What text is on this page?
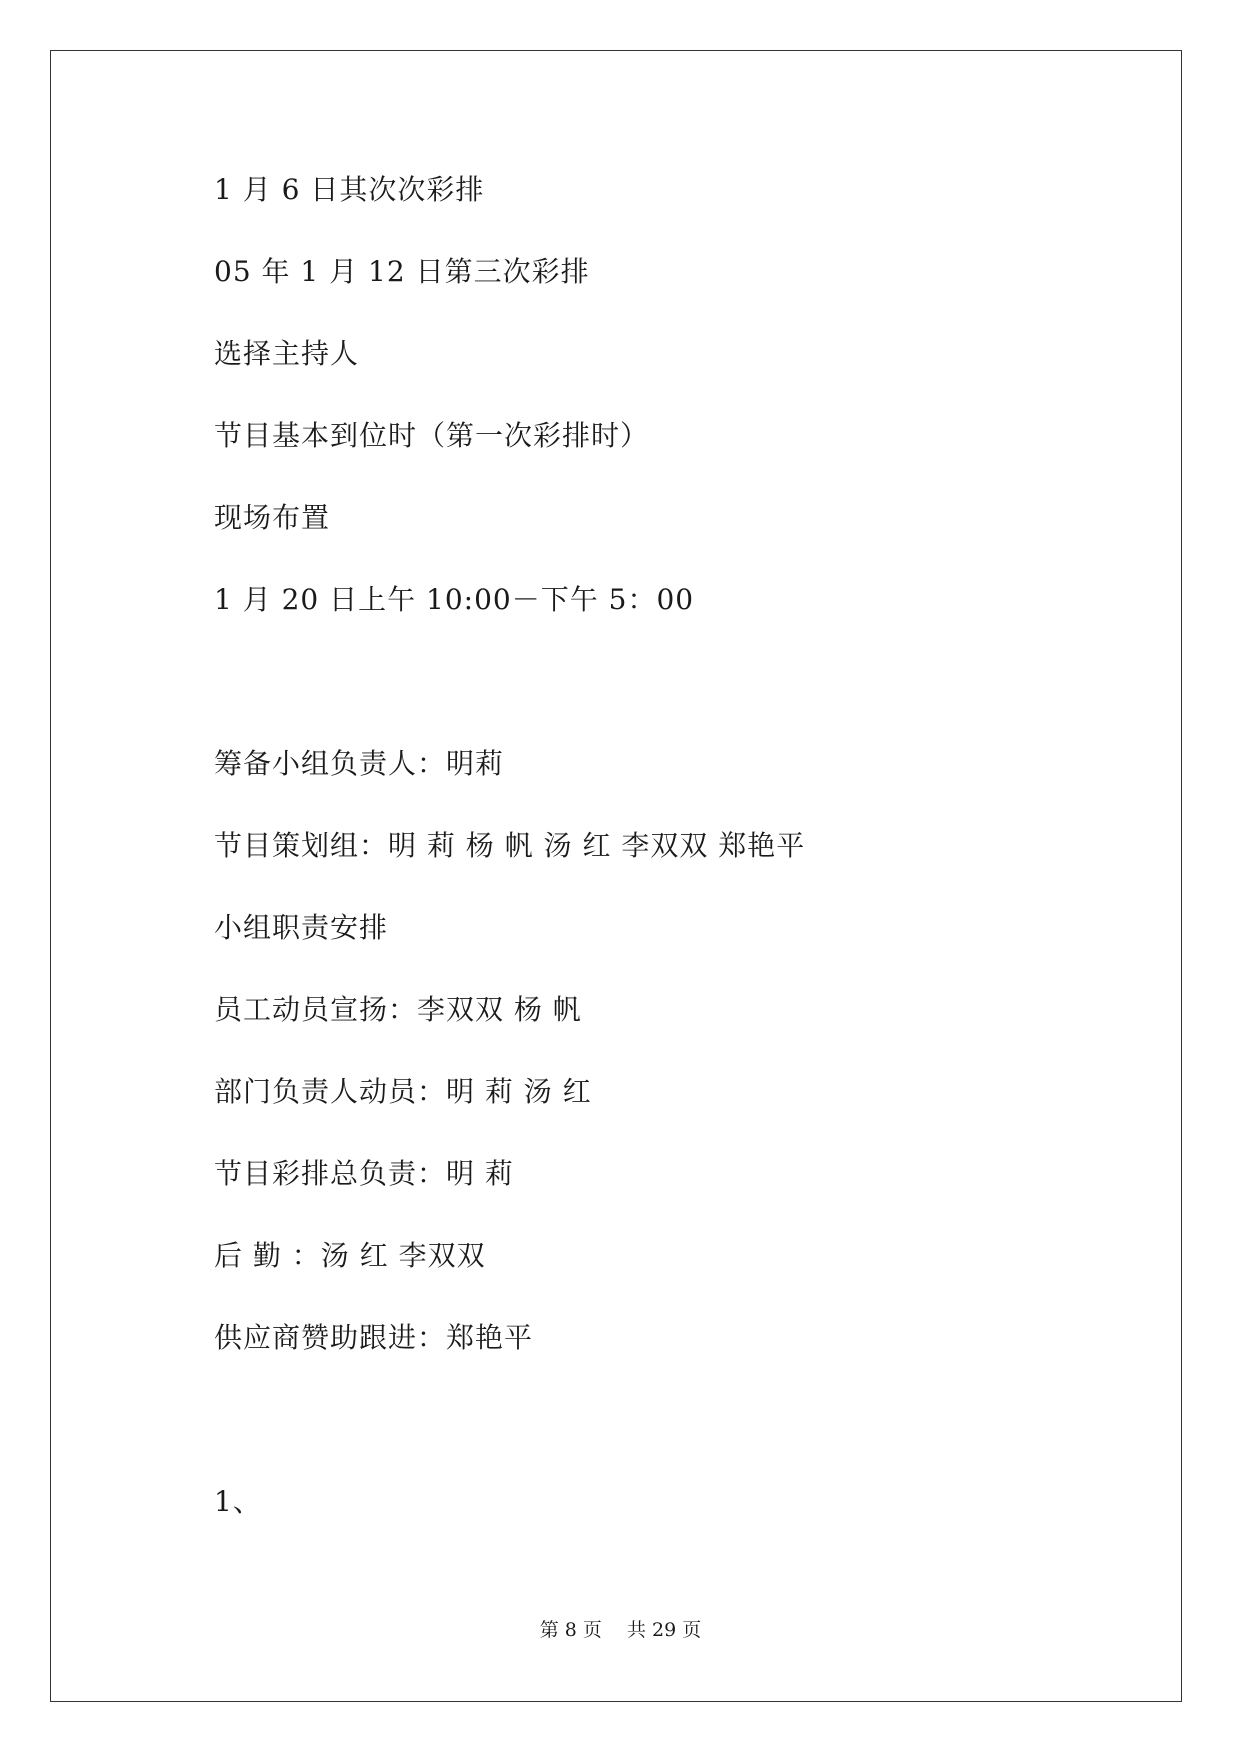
1 月 6 日其次次彩排
05 年 1 月 12 日第三次彩排
选择主持人
节目基本到位时（第一次彩排时）
现场布置
1 月 20 日上午 10:00－下午 5：00
筹备小组负责人：明莉
节目策划组：明 莉 杨 帆 汤 红 李双双 郑艳平
小组职责安排
员工动员宣扬：李双双 杨 帆
部门负责人动员：明 莉 汤 红
节目彩排总负责：明 莉
后 勤 ：汤 红 李双双
供应商赞助跟进：郑艳平
1、
第 8 页　 共 29 页
